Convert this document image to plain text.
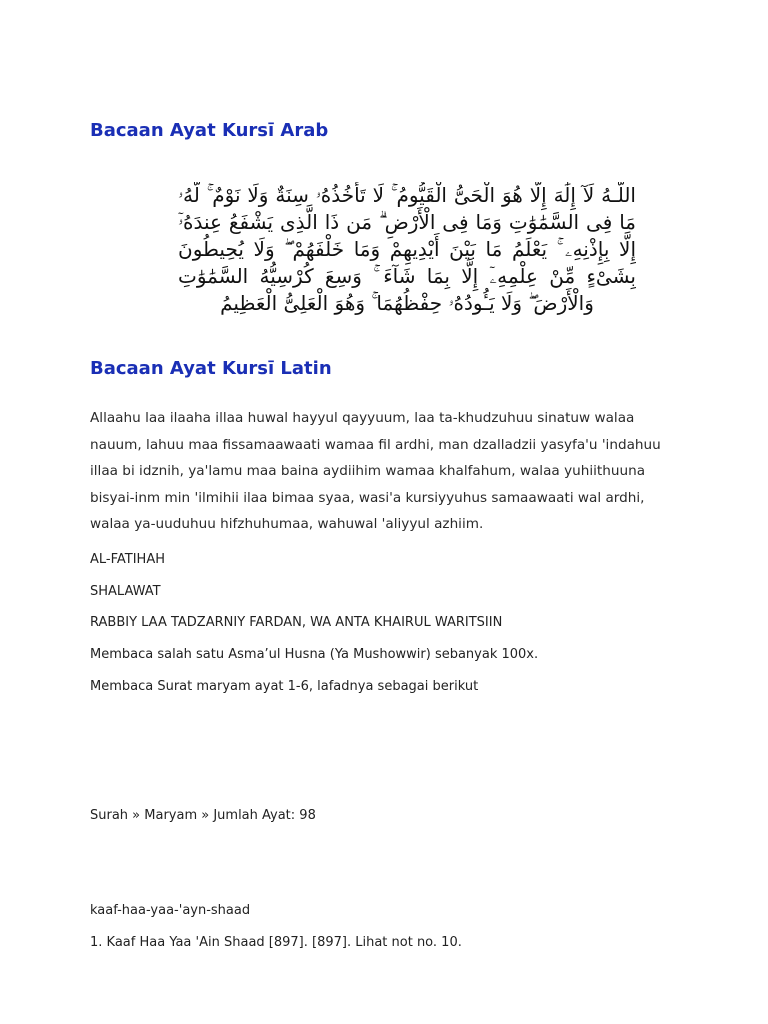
Bacaan Ayat Kursī Arab
اللَّـهُ لَآ إِلَٰهَ إِلَّا هُوَ الْحَىُّ الْقَيُّومُ ۚ لَا تَأْخُذُهُۥ سِنَةٌ وَلَا نَوْمٌ ۚ لَّهُۥ مَا فِى السَّمَٰوَٰتِ وَمَا فِى الْأَرْضِ ۗ مَن ذَا الَّذِى يَشْفَعُ عِندَهُۥٓ إِلَّا بِإِذْنِهِۦ ۚ يَعْلَمُ مَا بَيْنَ أَيْدِيهِمْ وَمَا خَلْفَهُمْ ۖ وَلَا يُحِيطُونَ بِشَىْءٍ مِّنْ عِلْمِهِۦٓ إِلَّا بِمَا شَآءَ ۚ وَسِعَ كُرْسِيُّهُ السَّمَٰوَٰتِ وَالْأَرْضَ ۖ وَلَا يَـُٔودُهُۥ حِفْظُهُمَا ۚ وَهُوَ الْعَلِىُّ الْعَظِيمُ
Bacaan Ayat Kursī Latin
Allaahu laa ilaaha illaa huwal hayyul qayyuum, laa ta-khudzuhuu sinatuw walaa
nauum, lahuu maa fissamaawaati wamaa fil ardhi, man dzalladzii yasyfa'u 'indahuu
illaa bi idznih, ya'lamu maa baina aydiihim wamaa khalfahum, walaa yuhiithuuna
bisyai-inm min 'ilmihii ilaa bimaa syaa, wasi'a kursiyyuhus samaawaati wal ardhi,
walaa ya-uuduhuu hifzhuhumaa, wahuwal 'aliyyul azhiim.

AL-FATIHAH

SHALAWAT

RABBIY LAA TADZARNIY FARDAN, WA ANTA KHAIRUL WARITSIIN

Membaca salah satu Asma’ul Husna (Ya Mushowwir) sebanyak 100x.

Membaca Surat maryam ayat 1-6, lafadnya sebagai berikut

Surah » Maryam » Jumlah Ayat: 98

kaaf-haa-yaa-'ayn-shaad

1. Kaaf Haa Yaa 'Ain Shaad [897]. [897]. Lihat not no. 10.
